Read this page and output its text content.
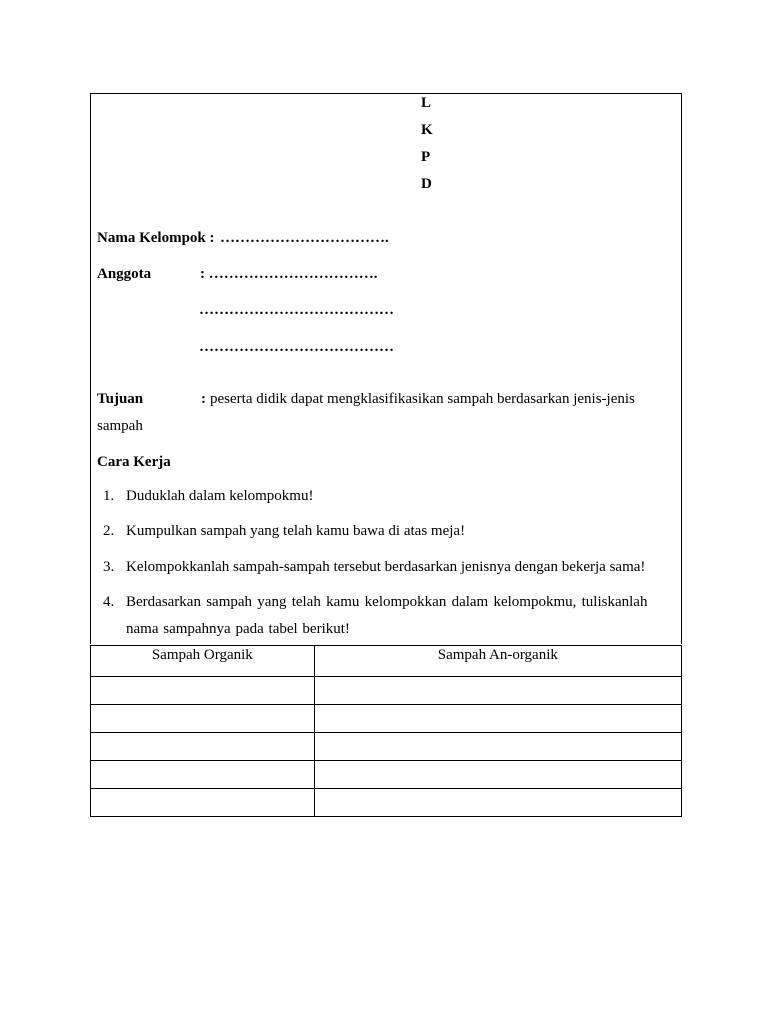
L
K
P
D
Nama Kelompok : …………………………….
Anggota	: …………………………….
…………………………………
…………………………………
Tujuan	: peserta didik dapat mengklasifikasikan sampah berdasarkan jenis-jenis
sampah
Cara Kerja
1. Duduklah dalam kelompokmu!
2. Kumpulkan sampah yang telah kamu bawa di atas meja!
3. Kelompokkanlah sampah-sampah tersebut berdasarkan jenisnya dengan bekerja sama!
4. Berdasarkan sampah yang telah kamu kelompokkan dalam kelompokmu, tuliskanlah
nama sampahnya pada tabel berikut!
Sampah Organik	Sampah An-organik
